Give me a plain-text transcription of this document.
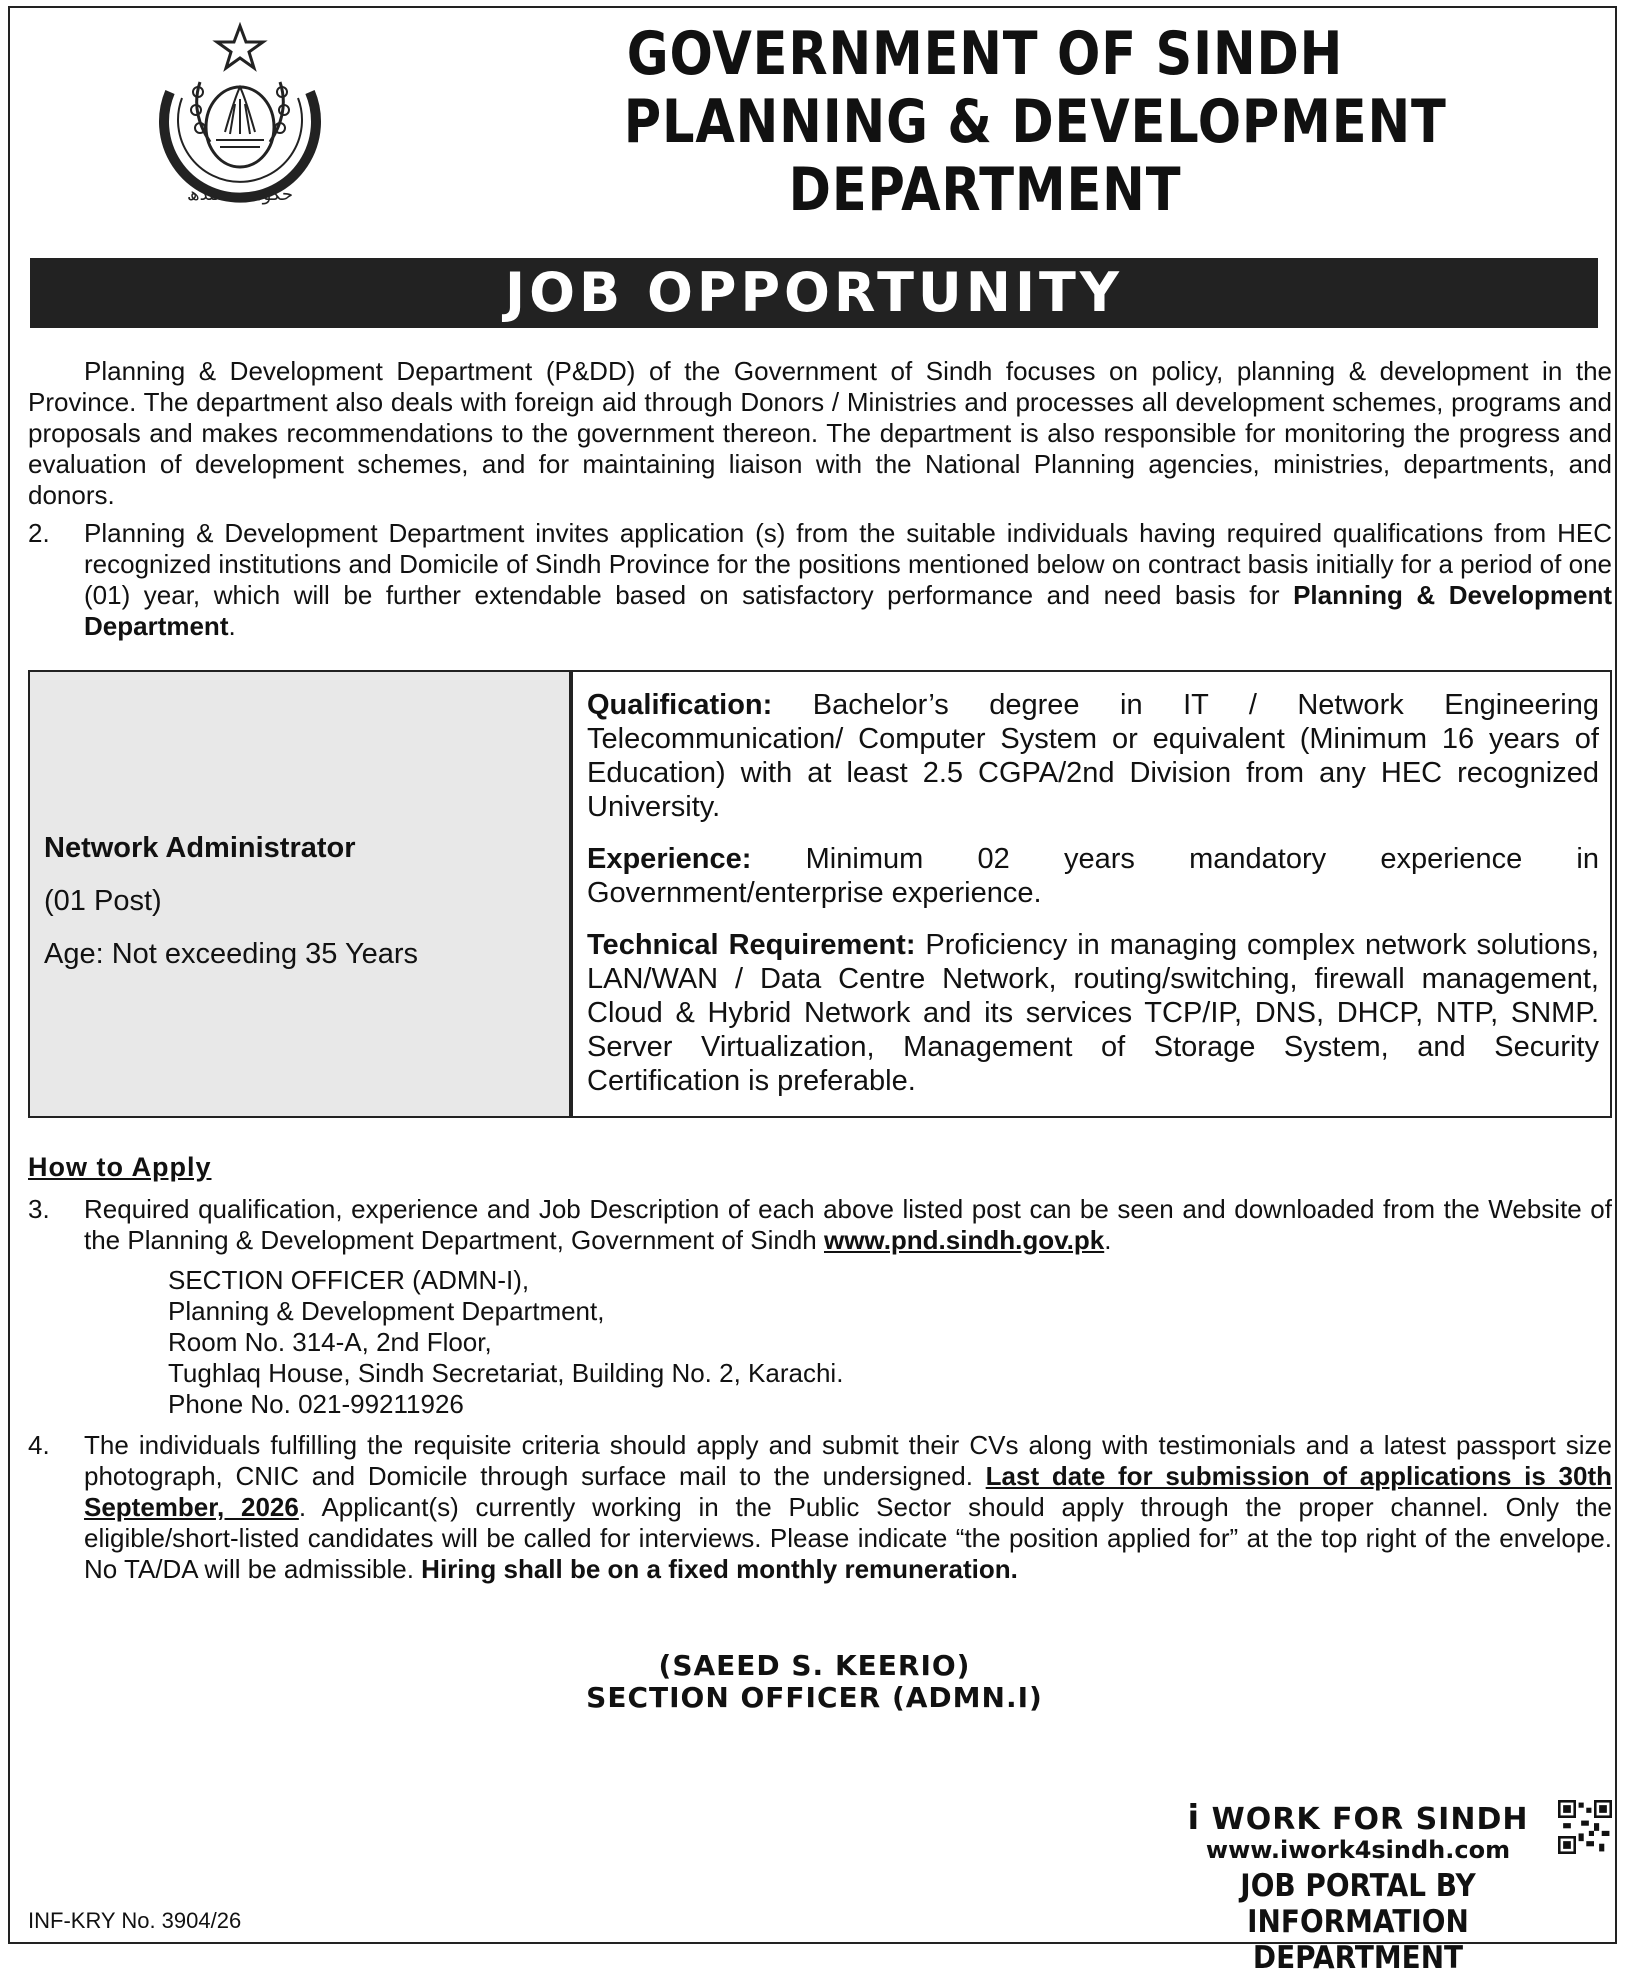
حکومت سندھ
GOVERNMENT OF SINDH
PLANNING & DEVELOPMENT
DEPARTMENT
JOB OPPORTUNITY
Planning & Development Department (P&DD) of the Government of Sindh focuses on policy, planning & development in the Province. The department also deals with foreign aid through Donors / Ministries and processes all development schemes, programs and proposals and makes recommendations to the government thereon. The department is also responsible for monitoring the progress and evaluation of development schemes, and for maintaining liaison with the National Planning agencies, ministries, departments, and donors.
2. Planning & Development Department invites application (s) from the suitable individuals having required qualifications from HEC recognized institutions and Domicile of Sindh Province for the positions mentioned below on contract basis initially for a period of one (01) year, which will be further extendable based on satisfactory performance and need basis for Planning & Development Department.
Network Administrator
(01 Post)
Age: Not exceeding 35 Years

Qualification: Bachelor’s degree in IT / Network Engineering Telecommunication/ Computer System or equivalent (Minimum 16 years of Education) with at least 2.5 CGPA/2nd Division from any HEC recognized University.

Experience: Minimum 02 years mandatory experience in Government/enterprise experience.

Technical Requirement: Proficiency in managing complex network solutions, LAN/WAN / Data Centre Network, routing/switching, firewall management, Cloud & Hybrid Network and its services TCP/IP, DNS, DHCP, NTP, SNMP. Server Virtualization, Management of Storage System, and Security Certification is preferable.

How to Apply
3. Required qualification, experience and Job Description of each above listed post can be seen and downloaded from the Website of the Planning & Development Department, Government of Sindh www.pnd.sindh.gov.pk.
SECTION OFFICER (ADMN-I),
Planning & Development Department,
Room No. 314-A, 2nd Floor,
Tughlaq House, Sindh Secretariat, Building No. 2, Karachi.
Phone No. 021-99211926
4. The individuals fulfilling the requisite criteria should apply and submit their CVs along with testimonials and a latest passport size photograph, CNIC and Domicile through surface mail to the undersigned. Last date for submission of applications is 30th September, 2026. Applicant(s) currently working in the Public Sector should apply through the proper channel. Only the eligible/short-listed candidates will be called for interviews. Please indicate “the position applied for” at the top right of the envelope. No TA/DA will be admissible. Hiring shall be on a fixed monthly remuneration.
(SAEED S. KEERIO)
SECTION OFFICER (ADMN.I)
i WORK FOR SINDH
www.iwork4sindh.com
JOB PORTAL BY
INFORMATION DEPARTMENT
INF-KRY No. 3904/26
